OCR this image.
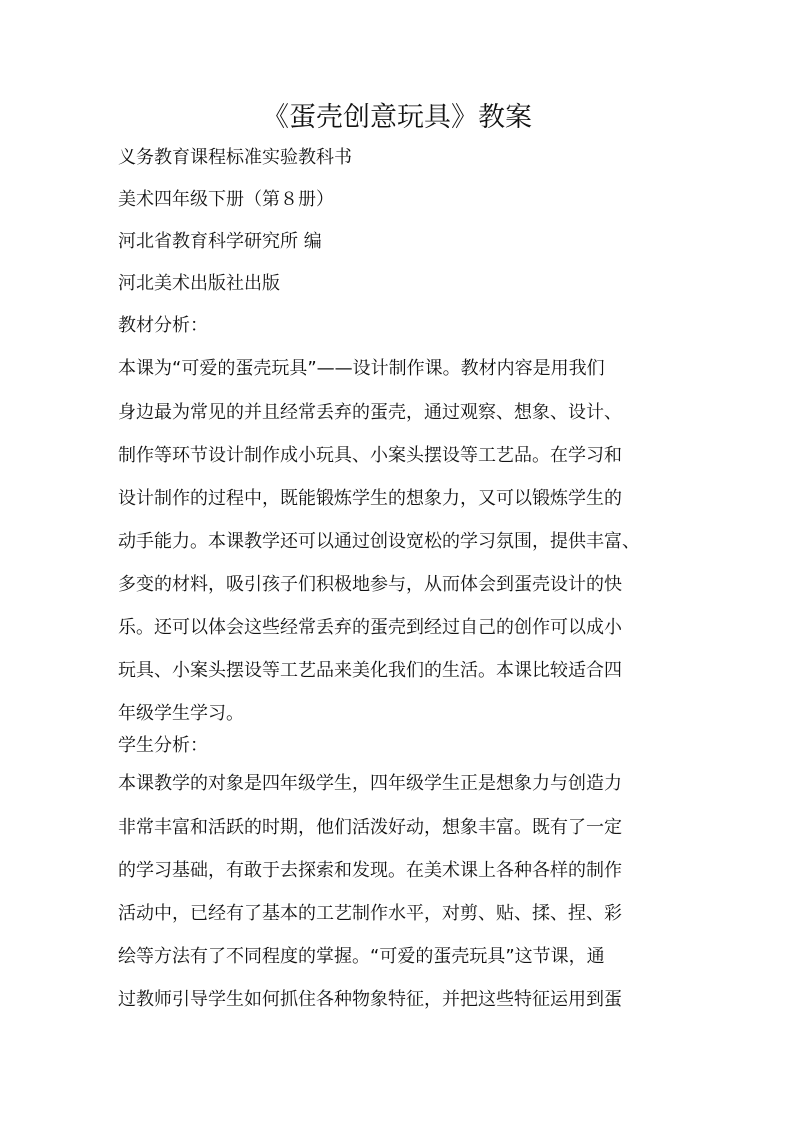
《蛋壳创意玩具》教案
义务教育课程标准实验教科书
美术四年级下册（第８册）
河北省教育科学研究所 编
河北美术出版社出版
教材分析：
本课为“可爱的蛋壳玩具”——设计制作课。教材内容是用我们
身边最为常见的并且经常丢弃的蛋壳，通过观察、想象、设计、
制作等环节设计制作成小玩具、小案头摆设等工艺品。在学习和
设计制作的过程中，既能锻炼学生的想象力，又可以锻炼学生的
动手能力。本课教学还可以通过创设宽松的学习氛围，提供丰富、
多变的材料，吸引孩子们积极地参与，从而体会到蛋壳设计的快
乐。还可以体会这些经常丢弃的蛋壳到经过自己的创作可以成小
玩具、小案头摆设等工艺品来美化我们的生活。本课比较适合四
年级学生学习。
学生分析：
本课教学的对象是四年级学生，四年级学生正是想象力与创造力
非常丰富和活跃的时期，他们活泼好动，想象丰富。既有了一定
的学习基础，有敢于去探索和发现。在美术课上各种各样的制作
活动中，已经有了基本的工艺制作水平，对剪、贴、揉、捏、彩
绘等方法有了不同程度的掌握。“可爱的蛋壳玩具”这节课，通
过教师引导学生如何抓住各种物象特征，并把这些特征运用到蛋
